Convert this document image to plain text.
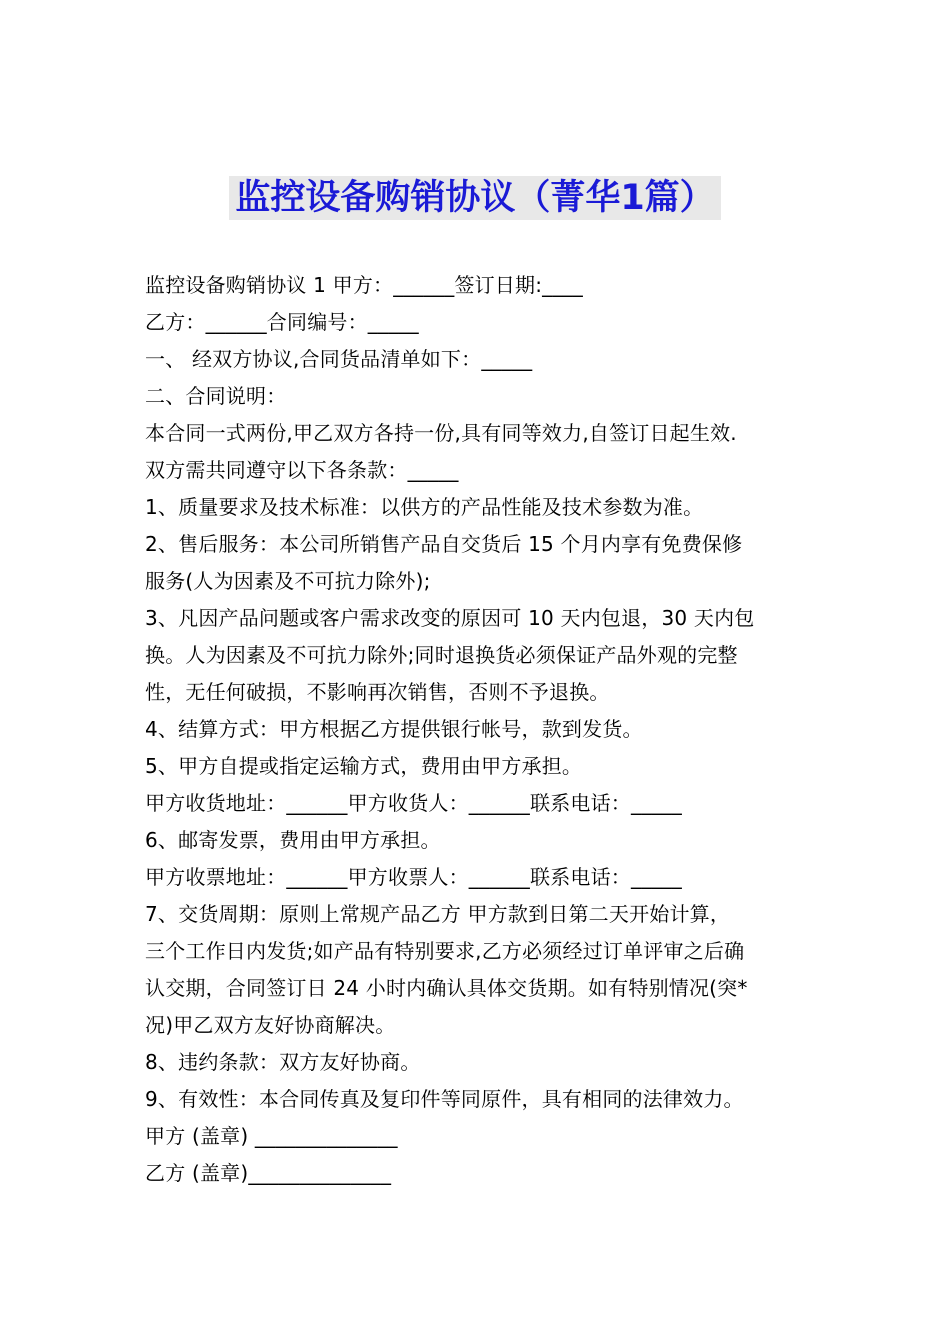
监控设备购销协议（菁华1篇）
监控设备购销协议 1 甲方：______签订日期:____
乙方：______合同编号：_____
一、 经双方协议,合同货品清单如下：_____
二、合同说明：
本合同一式两份,甲乙双方各持一份,具有同等效力,自签订日起生效.
双方需共同遵守以下各条款：_____
1、质量要求及技术标准：以供方的产品性能及技术参数为准。
2、售后服务：本公司所销售产品自交货后 15 个月内享有免费保修
服务(人为因素及不可抗力除外);
3、凡因产品问题或客户需求改变的原因可 10 天内包退，30 天内包
换。人为因素及不可抗力除外;同时退换货必须保证产品外观的完整
性，无任何破损，不影响再次销售，否则不予退换。
4、结算方式：甲方根据乙方提供银行帐号，款到发货。
5、甲方自提或指定运输方式，费用由甲方承担。
甲方收货地址：______甲方收货人：______联系电话：_____
6、邮寄发票，费用由甲方承担。
甲方收票地址：______甲方收票人：______联系电话：_____
7、交货周期：原则上常规产品乙方 甲方款到日第二天开始计算，
三个工作日内发货;如产品有特别要求,乙方必须经过订单评审之后确
认交期，合同签订日 24 小时内确认具体交货期。如有特别情况(突*
况)甲乙双方友好协商解决。
8、违约条款：双方友好协商。
9、有效性：本合同传真及复印件等同原件，具有相同的法律效力。
甲方 (盖章) ______________
乙方 (盖章)______________
